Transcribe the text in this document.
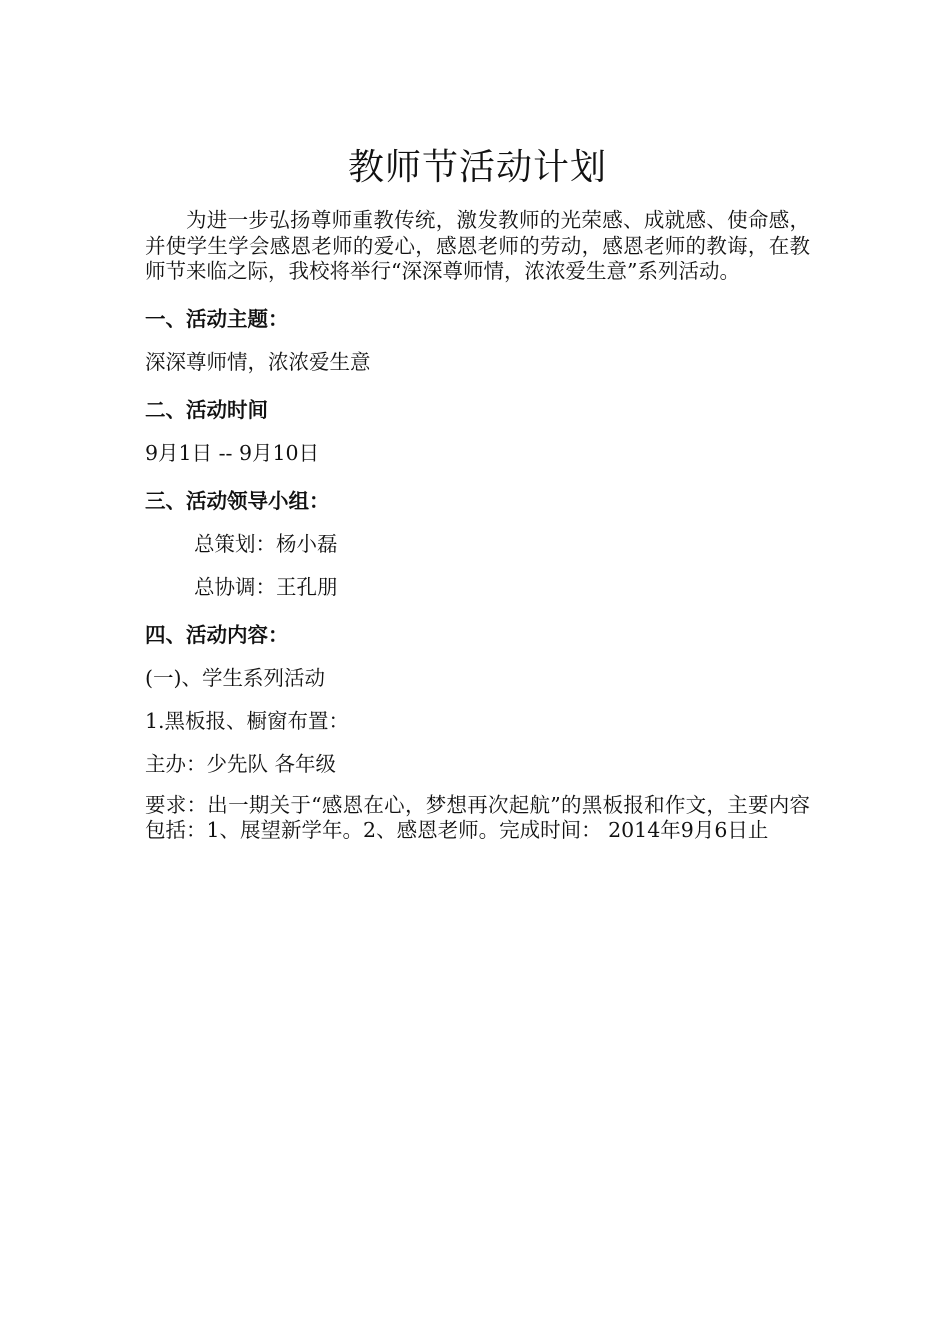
教师节活动计划

为进一步弘扬尊师重教传统，激发教师的光荣感、成就感、使命感，并使学生学会感恩老师的爱心，感恩老师的劳动，感恩老师的教诲，在教师节来临之际，我校将举行“深深尊师情，浓浓爱生意”系列活动。

一、活动主题：
深深尊师情，浓浓爱生意
二、活动时间
9月1日 -- 9月10日
三、活动领导小组：
总策划：杨小磊
总协调：王孔朋
四、活动内容：
(一)、学生系列活动
1.黑板报、橱窗布置：
主办：少先队 各年级

要求：出一期关于“感恩在心，梦想再次起航”的黑板报和作文，主要内容包括：1、展望新学年。2、感恩老师。完成时间： 2014年9月6日止
